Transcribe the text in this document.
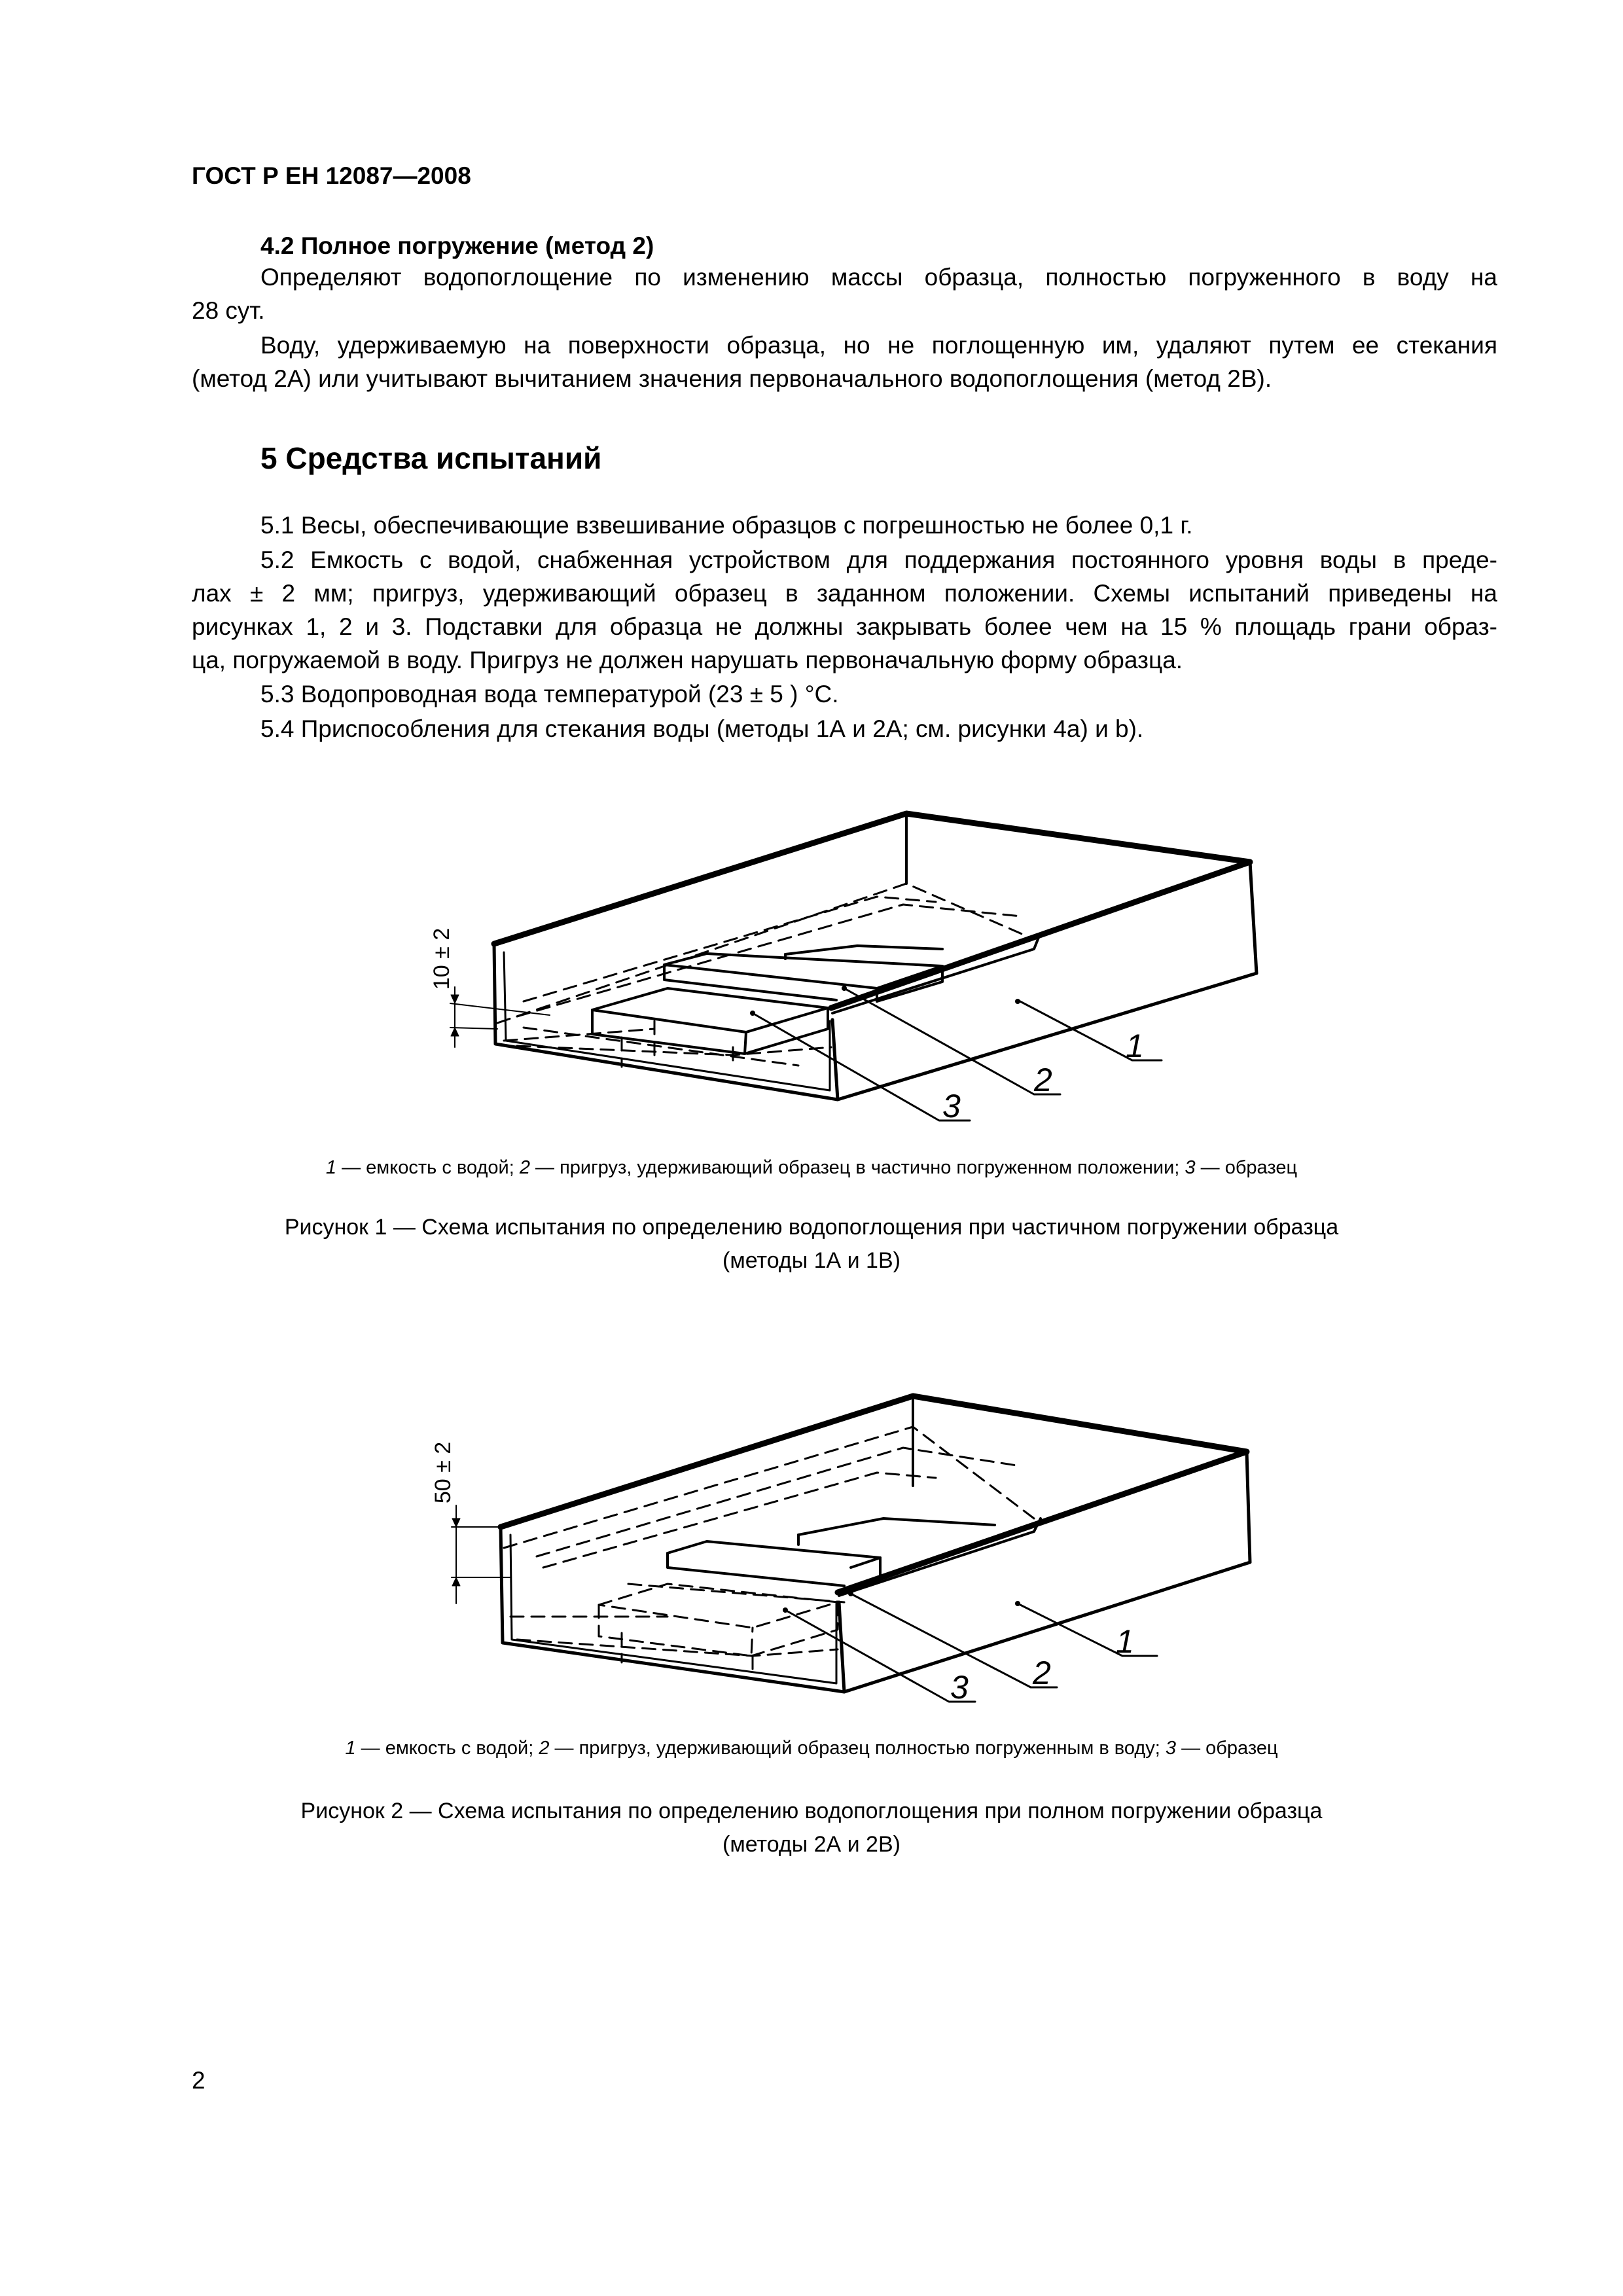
ГОСТ Р ЕН 12087—2008
4.2 Полное погружение (метод 2)
Определяют водопоглощение по изменению массы образца, полностью погруженного в воду на
28 сут.
Воду, удерживаемую на поверхности образца, но не поглощенную им, удаляют путем ее стекания
(метод 2А) или учитывают вычитанием значения первоначального водопоглощения (метод 2В).
5 Средства испытаний
5.1 Весы, обеспечивающие взвешивание образцов с погрешностью не более 0,1 г.
5.2 Емкость с водой, снабженная устройством для поддержания постоянного уровня воды в преде-
лах ± 2 мм; пригруз, удерживающий образец в заданном положении. Схемы испытаний приведены на
рисунках 1, 2 и 3. Подставки для образца не должны закрывать более чем на 15 % площадь грани образ-
ца, погружаемой в воду. Пригруз не должен нарушать первоначальную форму образца.
5.3 Водопроводная вода температурой (23 ± 5 ) °С.
5.4 Приспособления для стекания воды (методы 1А и 2А; см. рисунки 4а) и b).
10 ± 2
1
2
3
1 — емкость с водой; 2 — пригруз, удерживающий образец в частично погруженном положении; 3 — образец
Рисунок 1 — Схема испытания по определению водопоглощения при частичном погружении образца
(методы 1А и 1В)
50 ± 2
1
2
3
1 — емкость с водой; 2 — пригруз, удерживающий образец полностью погруженным в воду; 3 — образец
Рисунок 2 — Схема испытания по определению водопоглощения при полном погружении образца
(методы 2А и 2В)
2
